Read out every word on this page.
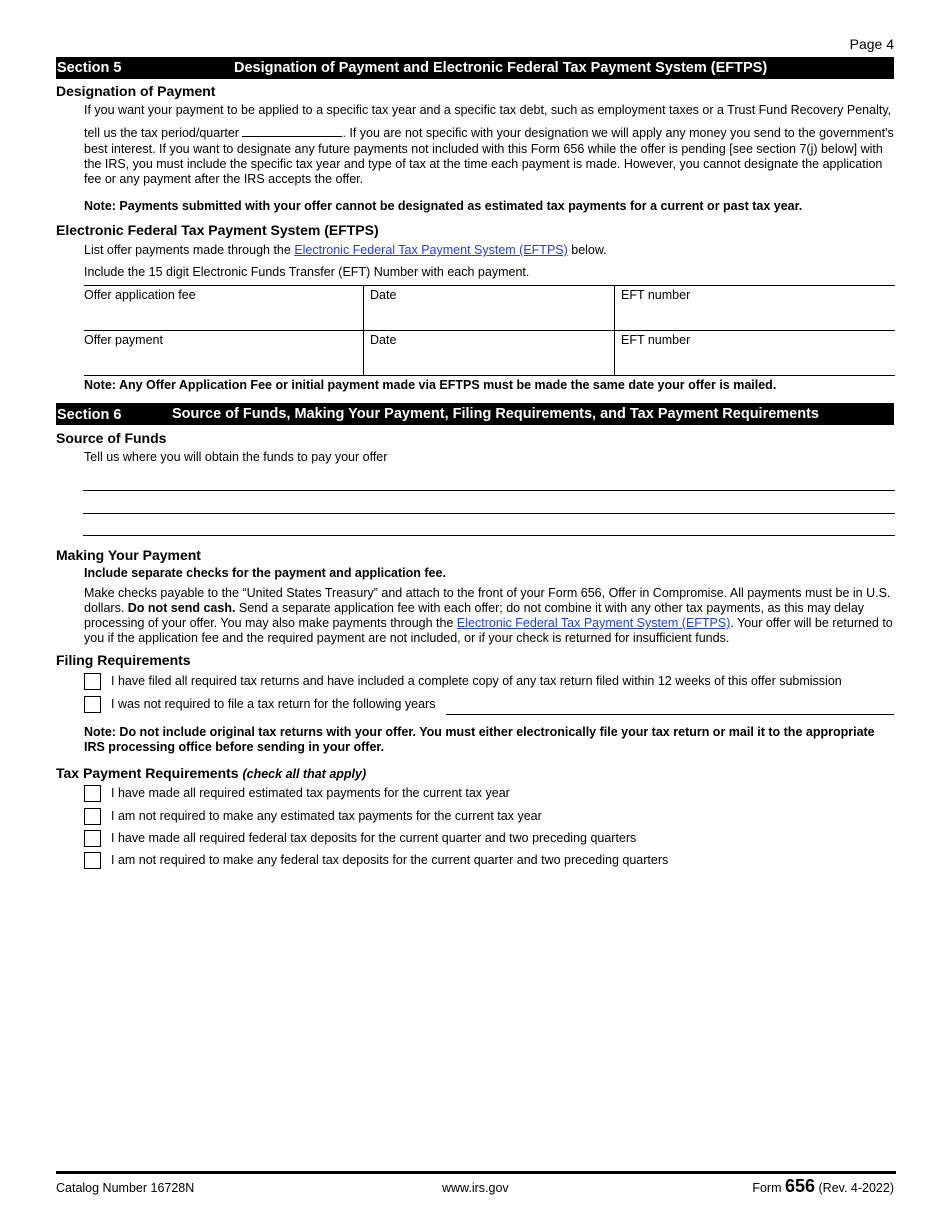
Page 4
Section 5	Designation of Payment and Electronic Federal Tax Payment System (EFTPS)
Designation of Payment
If you want your payment to be applied to a specific tax year and a specific tax debt, such as employment taxes or a Trust Fund Recovery Penalty,
tell us the tax period/quarter	. If you are not specific with your designation we will apply any money you send to the government's
best interest. If you want to designate any future payments not included with this Form 656 while the offer is pending [see section 7(j) below] with the IRS, you must include the specific tax year and type of tax at the time each payment is made. However, you cannot designate the application fee or any payment after the IRS accepts the offer.
Note: Payments submitted with your offer cannot be designated as estimated tax payments for a current or past tax year.
Electronic Federal Tax Payment System (EFTPS)
List offer payments made through the Electronic Federal Tax Payment System (EFTPS) below.
Include the 15 digit Electronic Funds Transfer (EFT) Number with each payment.
Offer application fee	Date	EFT number
Offer payment	Date	EFT number
Note: Any Offer Application Fee or initial payment made via EFTPS must be made the same date your offer is mailed.
Section 6	Source of Funds, Making Your Payment, Filing Requirements, and Tax Payment Requirements
Source of Funds
Tell us where you will obtain the funds to pay your offer
Making Your Payment
Include separate checks for the payment and application fee.
Make checks payable to the “United States Treasury” and attach to the front of your Form 656, Offer in Compromise. All payments must be in U.S. dollars. Do not send cash. Send a separate application fee with each offer; do not combine it with any other tax payments, as this may delay processing of your offer. You may also make payments through the Electronic Federal Tax Payment System (EFTPS). Your offer will be returned to you if the application fee and the required payment are not included, or if your check is returned for insufficient funds.
Filing Requirements
I have filed all required tax returns and have included a complete copy of any tax return filed within 12 weeks of this offer submission
I was not required to file a tax return for the following years
Note: Do not include original tax returns with your offer. You must either electronically file your tax return or mail it to the appropriate IRS processing office before sending in your offer.
Tax Payment Requirements (check all that apply)
I have made all required estimated tax payments for the current tax year
I am not required to make any estimated tax payments for the current tax year
I have made all required federal tax deposits for the current quarter and two preceding quarters
I am not required to make any federal tax deposits for the current quarter and two preceding quarters
Catalog Number 16728N	www.irs.gov	Form 656 (Rev. 4-2022)
